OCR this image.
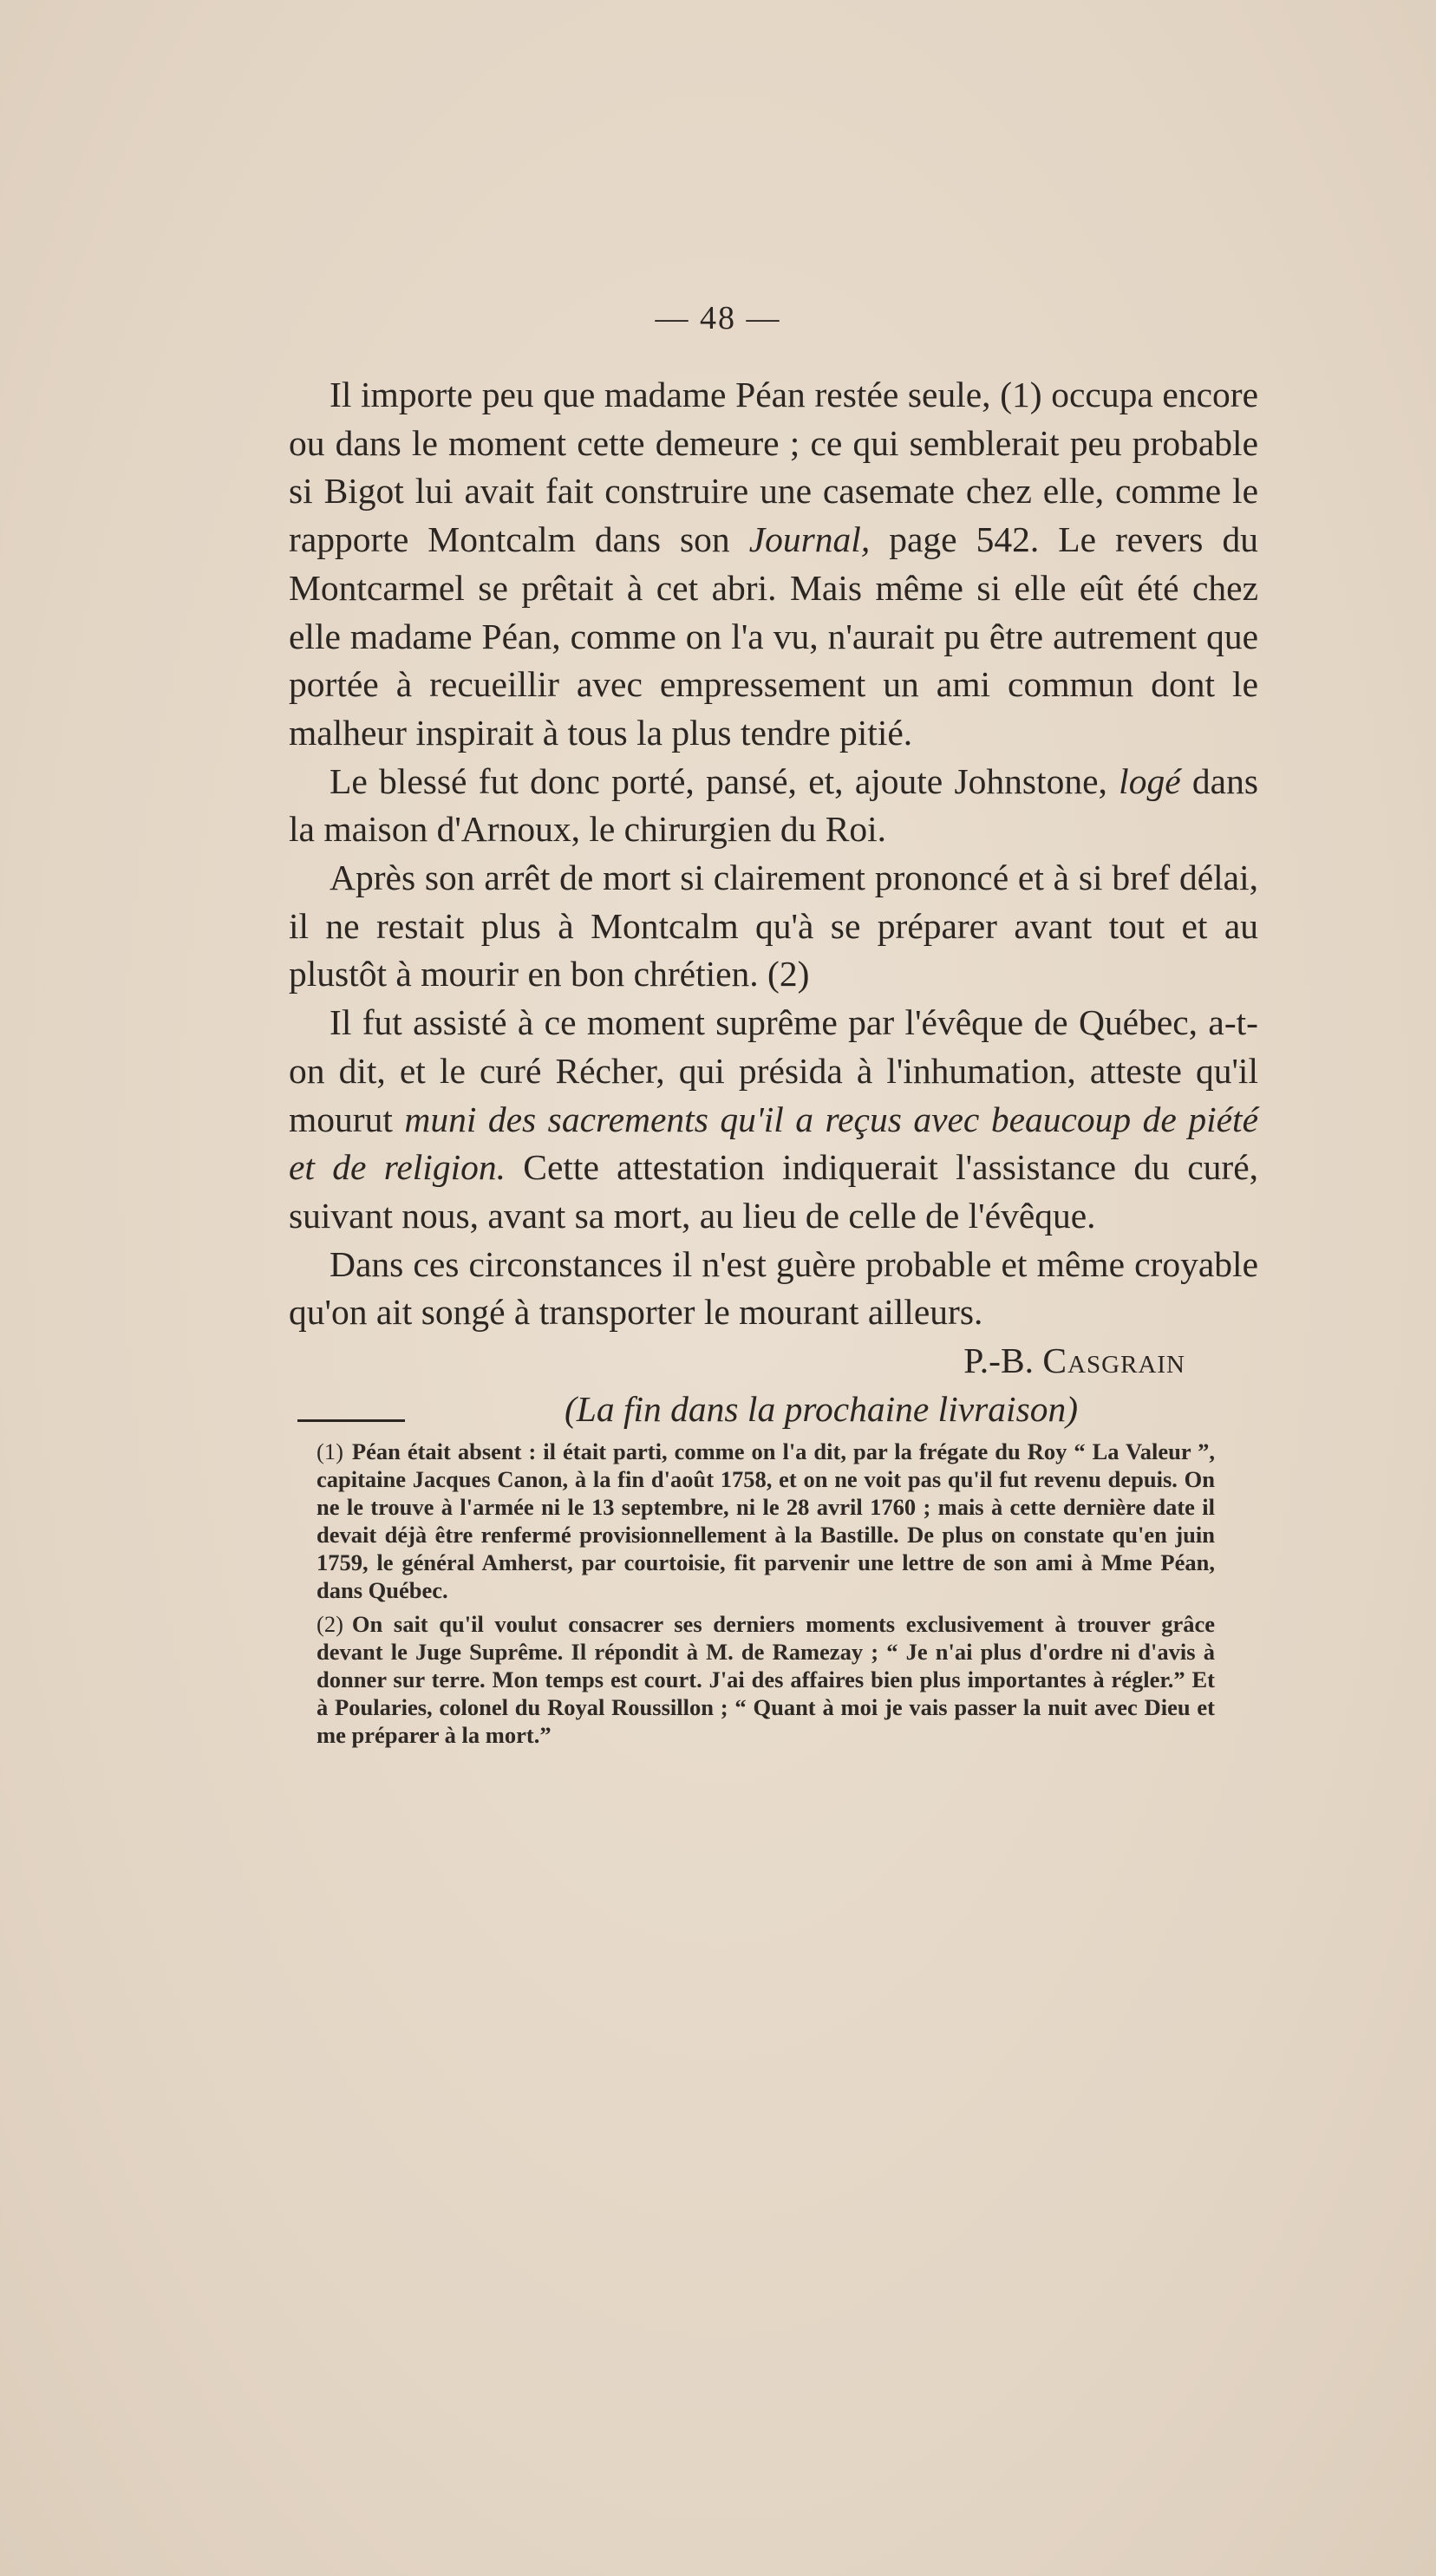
— 48 —

Il importe peu que madame Péan restée seule, (1) occupa encore ou dans le moment cette demeure ; ce qui semblerait peu probable si Bigot lui avait fait construire une casemate chez elle, comme le rapporte Montcalm dans son Journal, page 542. Le revers du Montcarmel se prêtait à cet abri. Mais même si elle eût été chez elle madame Péan, comme on l'a vu, n'aurait pu être autrement que portée à recueillir avec empressement un ami commun dont le malheur inspirait à tous la plus tendre pitié.

Le blessé fut donc porté, pansé, et, ajoute Johnstone, logé dans la maison d'Arnoux, le chirurgien du Roi.

Après son arrêt de mort si clairement prononcé et à si bref délai, il ne restait plus à Montcalm qu'à se préparer avant tout et au plustôt à mourir en bon chrétien. (2)

Il fut assisté à ce moment suprême par l'évêque de Québec, a-t-on dit, et le curé Récher, qui présida à l'inhumation, atteste qu'il mourut muni des sacrements qu'il a reçus avec beaucoup de piété et de religion. Cette attestation indiquerait l'assistance du curé, suivant nous, avant sa mort, au lieu de celle de l'évêque.

Dans ces circonstances il n'est guère probable et même croyable qu'on ait songé à transporter le mourant ailleurs.

P.-B. Casgrain

(La fin dans la prochaine livraison)

(1) Péan était absent : il était parti, comme on l'a dit, par la frégate du Roy “ La Valeur ”, capitaine Jacques Canon, à la fin d'août 1758, et on ne voit pas qu'il fut revenu depuis. On ne le trouve à l'armée ni le 13 septembre, ni le 28 avril 1760 ; mais à cette dernière date il devait déjà être renfermé provisionnellement à la Bastille. De plus on constate qu'en juin 1759, le général Amherst, par courtoisie, fit parvenir une lettre de son ami à Mme Péan, dans Québec.

(2) On sait qu'il voulut consacrer ses derniers moments exclusivement à trouver grâce devant le Juge Suprême. Il répondit à M. de Ramezay ; “ Je n'ai plus d'ordre ni d'avis à donner sur terre. Mon temps est court. J'ai des affaires bien plus importantes à régler.” Et à Poularies, colonel du Royal Roussillon ; “ Quant à moi je vais passer la nuit avec Dieu et me préparer à la mort.”
